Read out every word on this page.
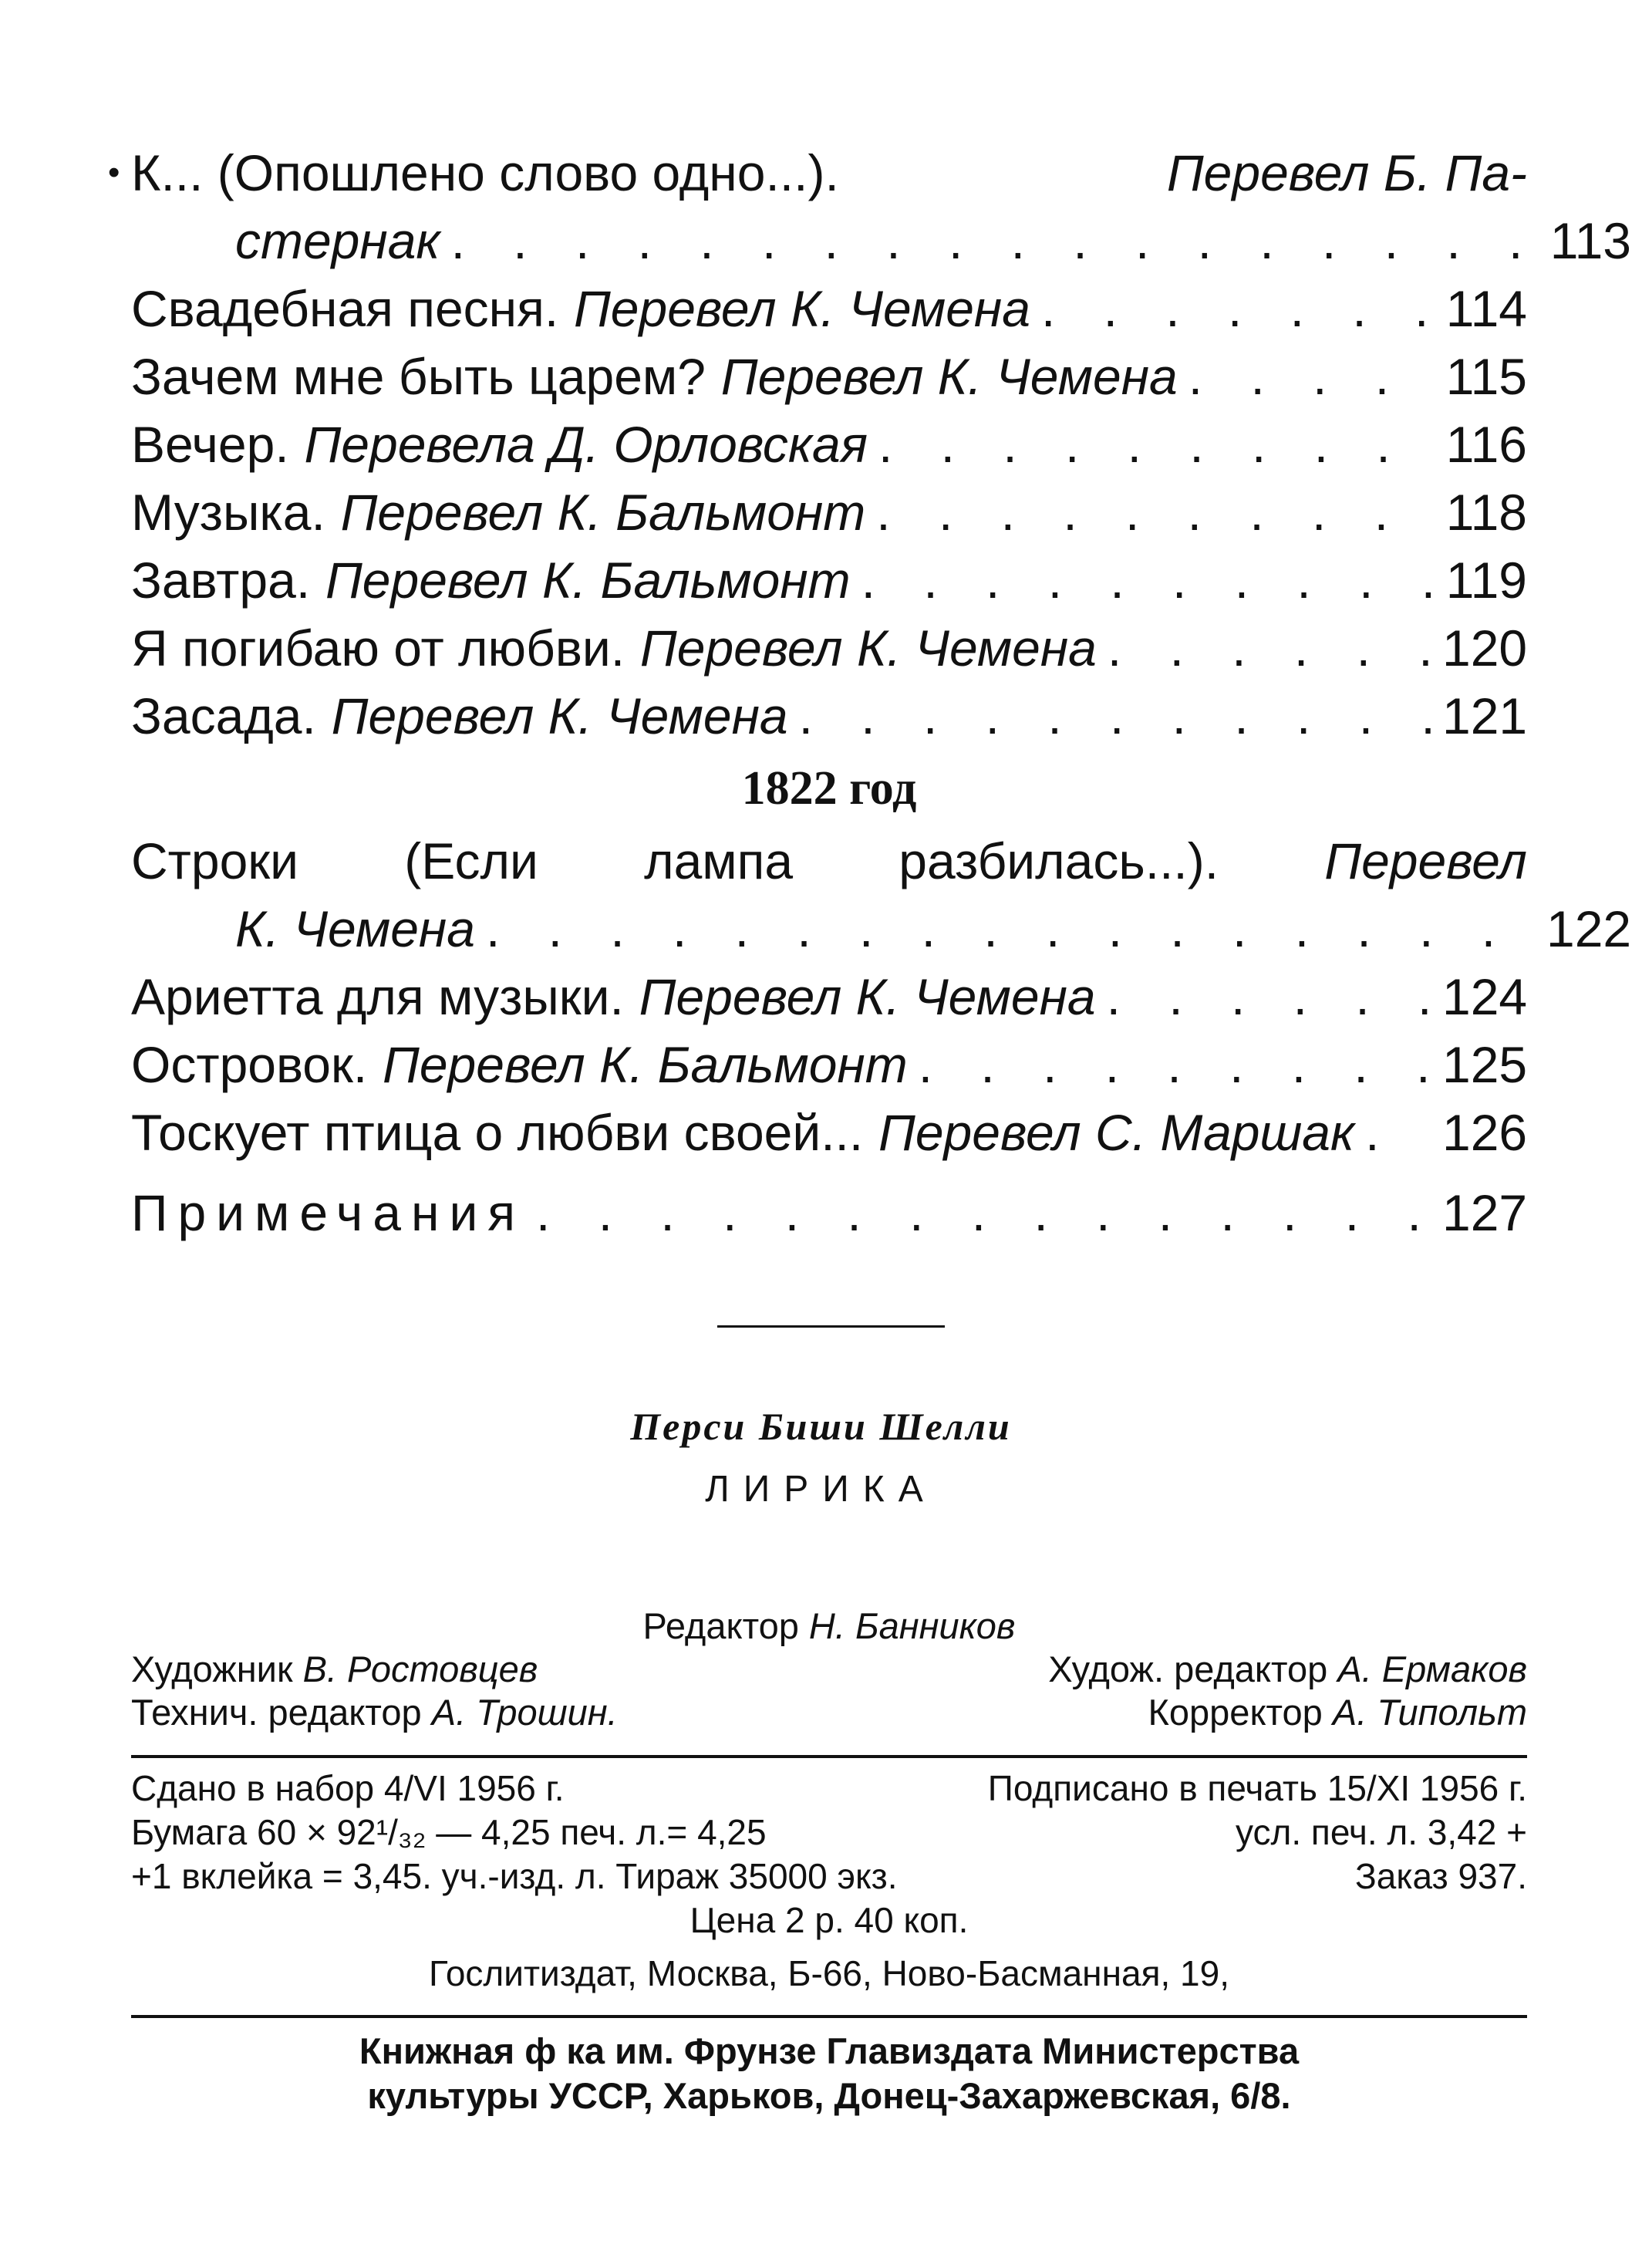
• К... (Опошлено слово одно...).	Перевел Б. Па-
стернак . . .	113
Свадебная песня. Перевел К. Чемена . . .	114
Зачем мне быть царем? Перевел К. Чемена . . .	115
Вечер. Перевела Д. Орловская . . .	116
Музыка. Перевел К. Бальмонт . . .	118
Завтра. Перевел К. Бальмонт . . .	119
Я погибаю от любви. Перевел К. Чемена . . .	120
Засада. Перевел К. Чемена . . .	121
1822 год
Строки (Если лампа разбилась...). Перевел
К. Чемена . . .	122
Ариетта для музыки. Перевел К. Чемена . . .	124
Островок. Перевел К. Бальмонт . . .	125
Тоскует птица о любви своей... Перевел С. Маршак . . . 126
Примечания . . .	127
Перси Биши Шелли
ЛИРИКА
Редактор Н. Банников
Художник В. Ростовцев	Худож. редактор А. Ермаков
Технич. редактор А. Трошин.	Корректор А. Типольт
Сдано в набор 4/VI 1956 г.	Подписано в печать 15/XI 1956 г.
Бумага 60 × 92¹/₃₂ — 4,25 печ. л.= 4,25	усл. печ. л. 3,42 +
+1 вклейка = 3,45. уч.-изд. л. Тираж 35000 экз.	Заказ 937.
Цена 2 р. 40 коп.
Гослитиздат, Москва, Б-66, Ново-Басманная, 19,
Книжная ф ка им. Фрунзе Главиздата Министерства
культуры УССР, Харьков, Донец-Захаржевская, 6/8.
